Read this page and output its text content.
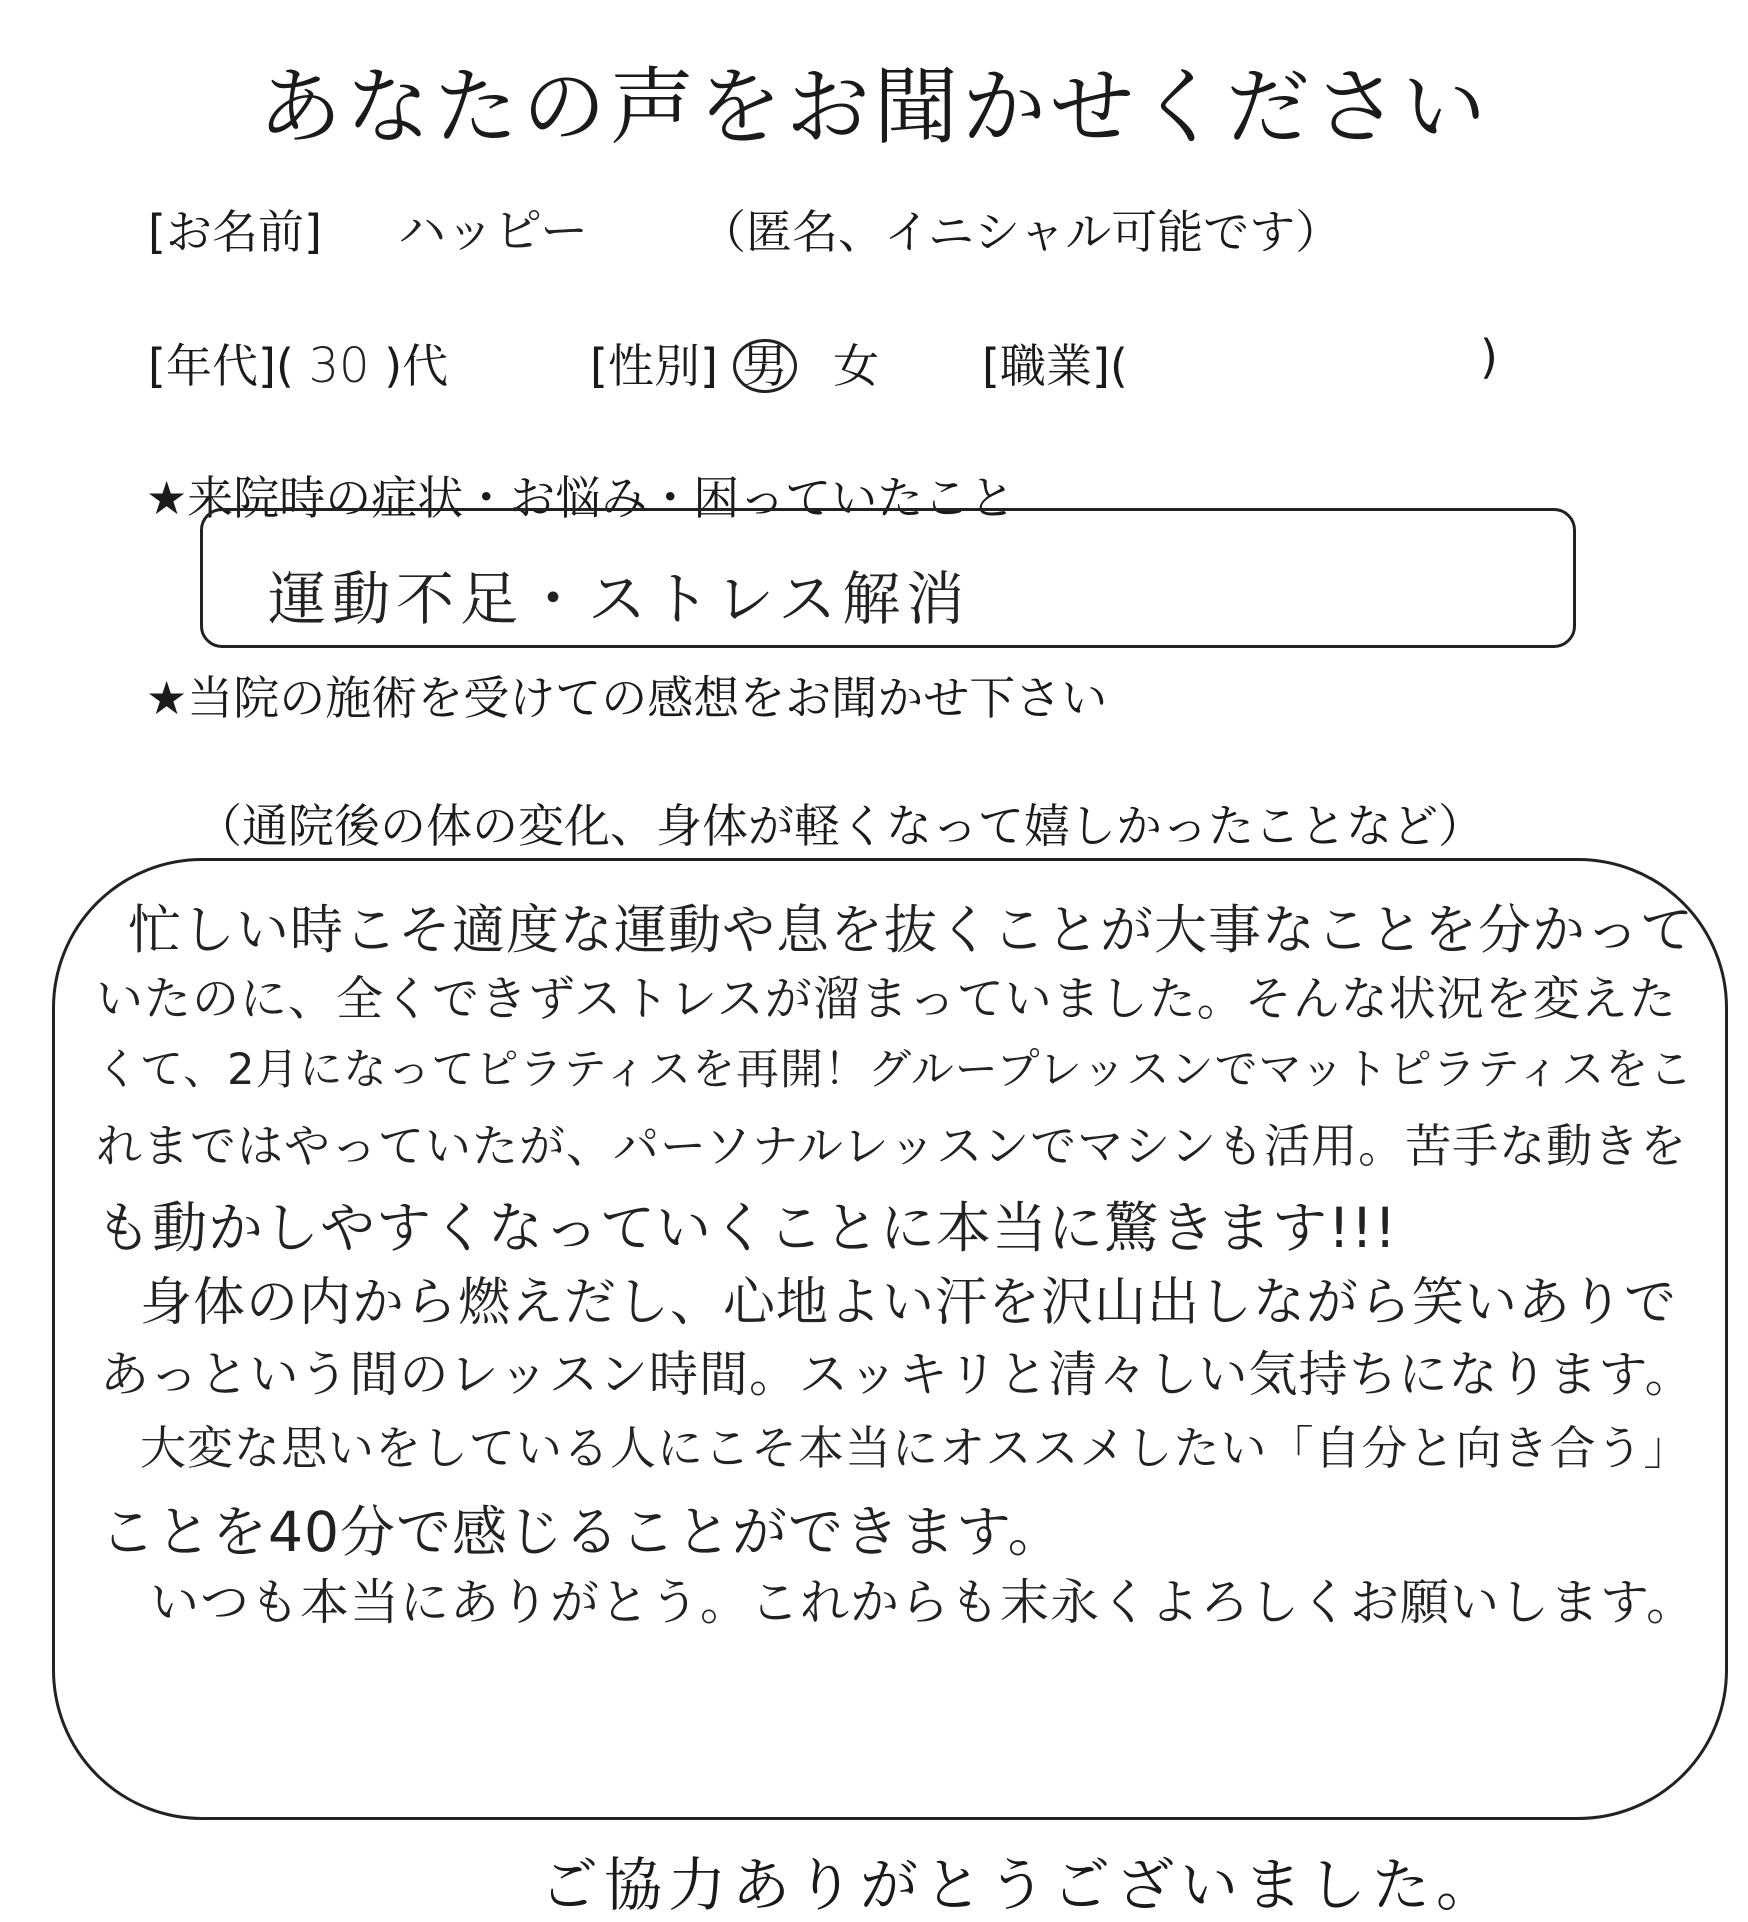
あなたの声をお聞かせください
[お名前] ハッピー （匿名、イニシャル可能です）
[年代]( 30 )代	[性別] 男 女 [職業](	)
★来院時の症状・お悩み・困っていたこと
運動不足・ストレス解消
★当院の施術を受けての感想をお聞かせ下さい
（通院後の体の変化、身体が軽くなって嬉しかったことなど）
忙しい時こそ適度な運動や息を抜くことが大事なことを分かって
いたのに、全くできずストレスが溜まっていました。そんな状況を変えた
くて、2月になってピラティスを再開！グループレッスンでマットピラティスをこ
れまではやっていたが、パーソナルレッスンでマシンも活用。苦手な動きを
も動かしやすくなっていくことに本当に驚きます!!!
身体の内から燃えだし、心地よい汗を沢山出しながら笑いありで
あっという間のレッスン時間。スッキリと清々しい気持ちになります。
大変な思いをしている人にこそ本当にオススメしたい「自分と向き合う」
ことを40分で感じることができます。
いつも本当にありがとう。これからも末永くよろしくお願いします。
ご協力ありがとうございました。
